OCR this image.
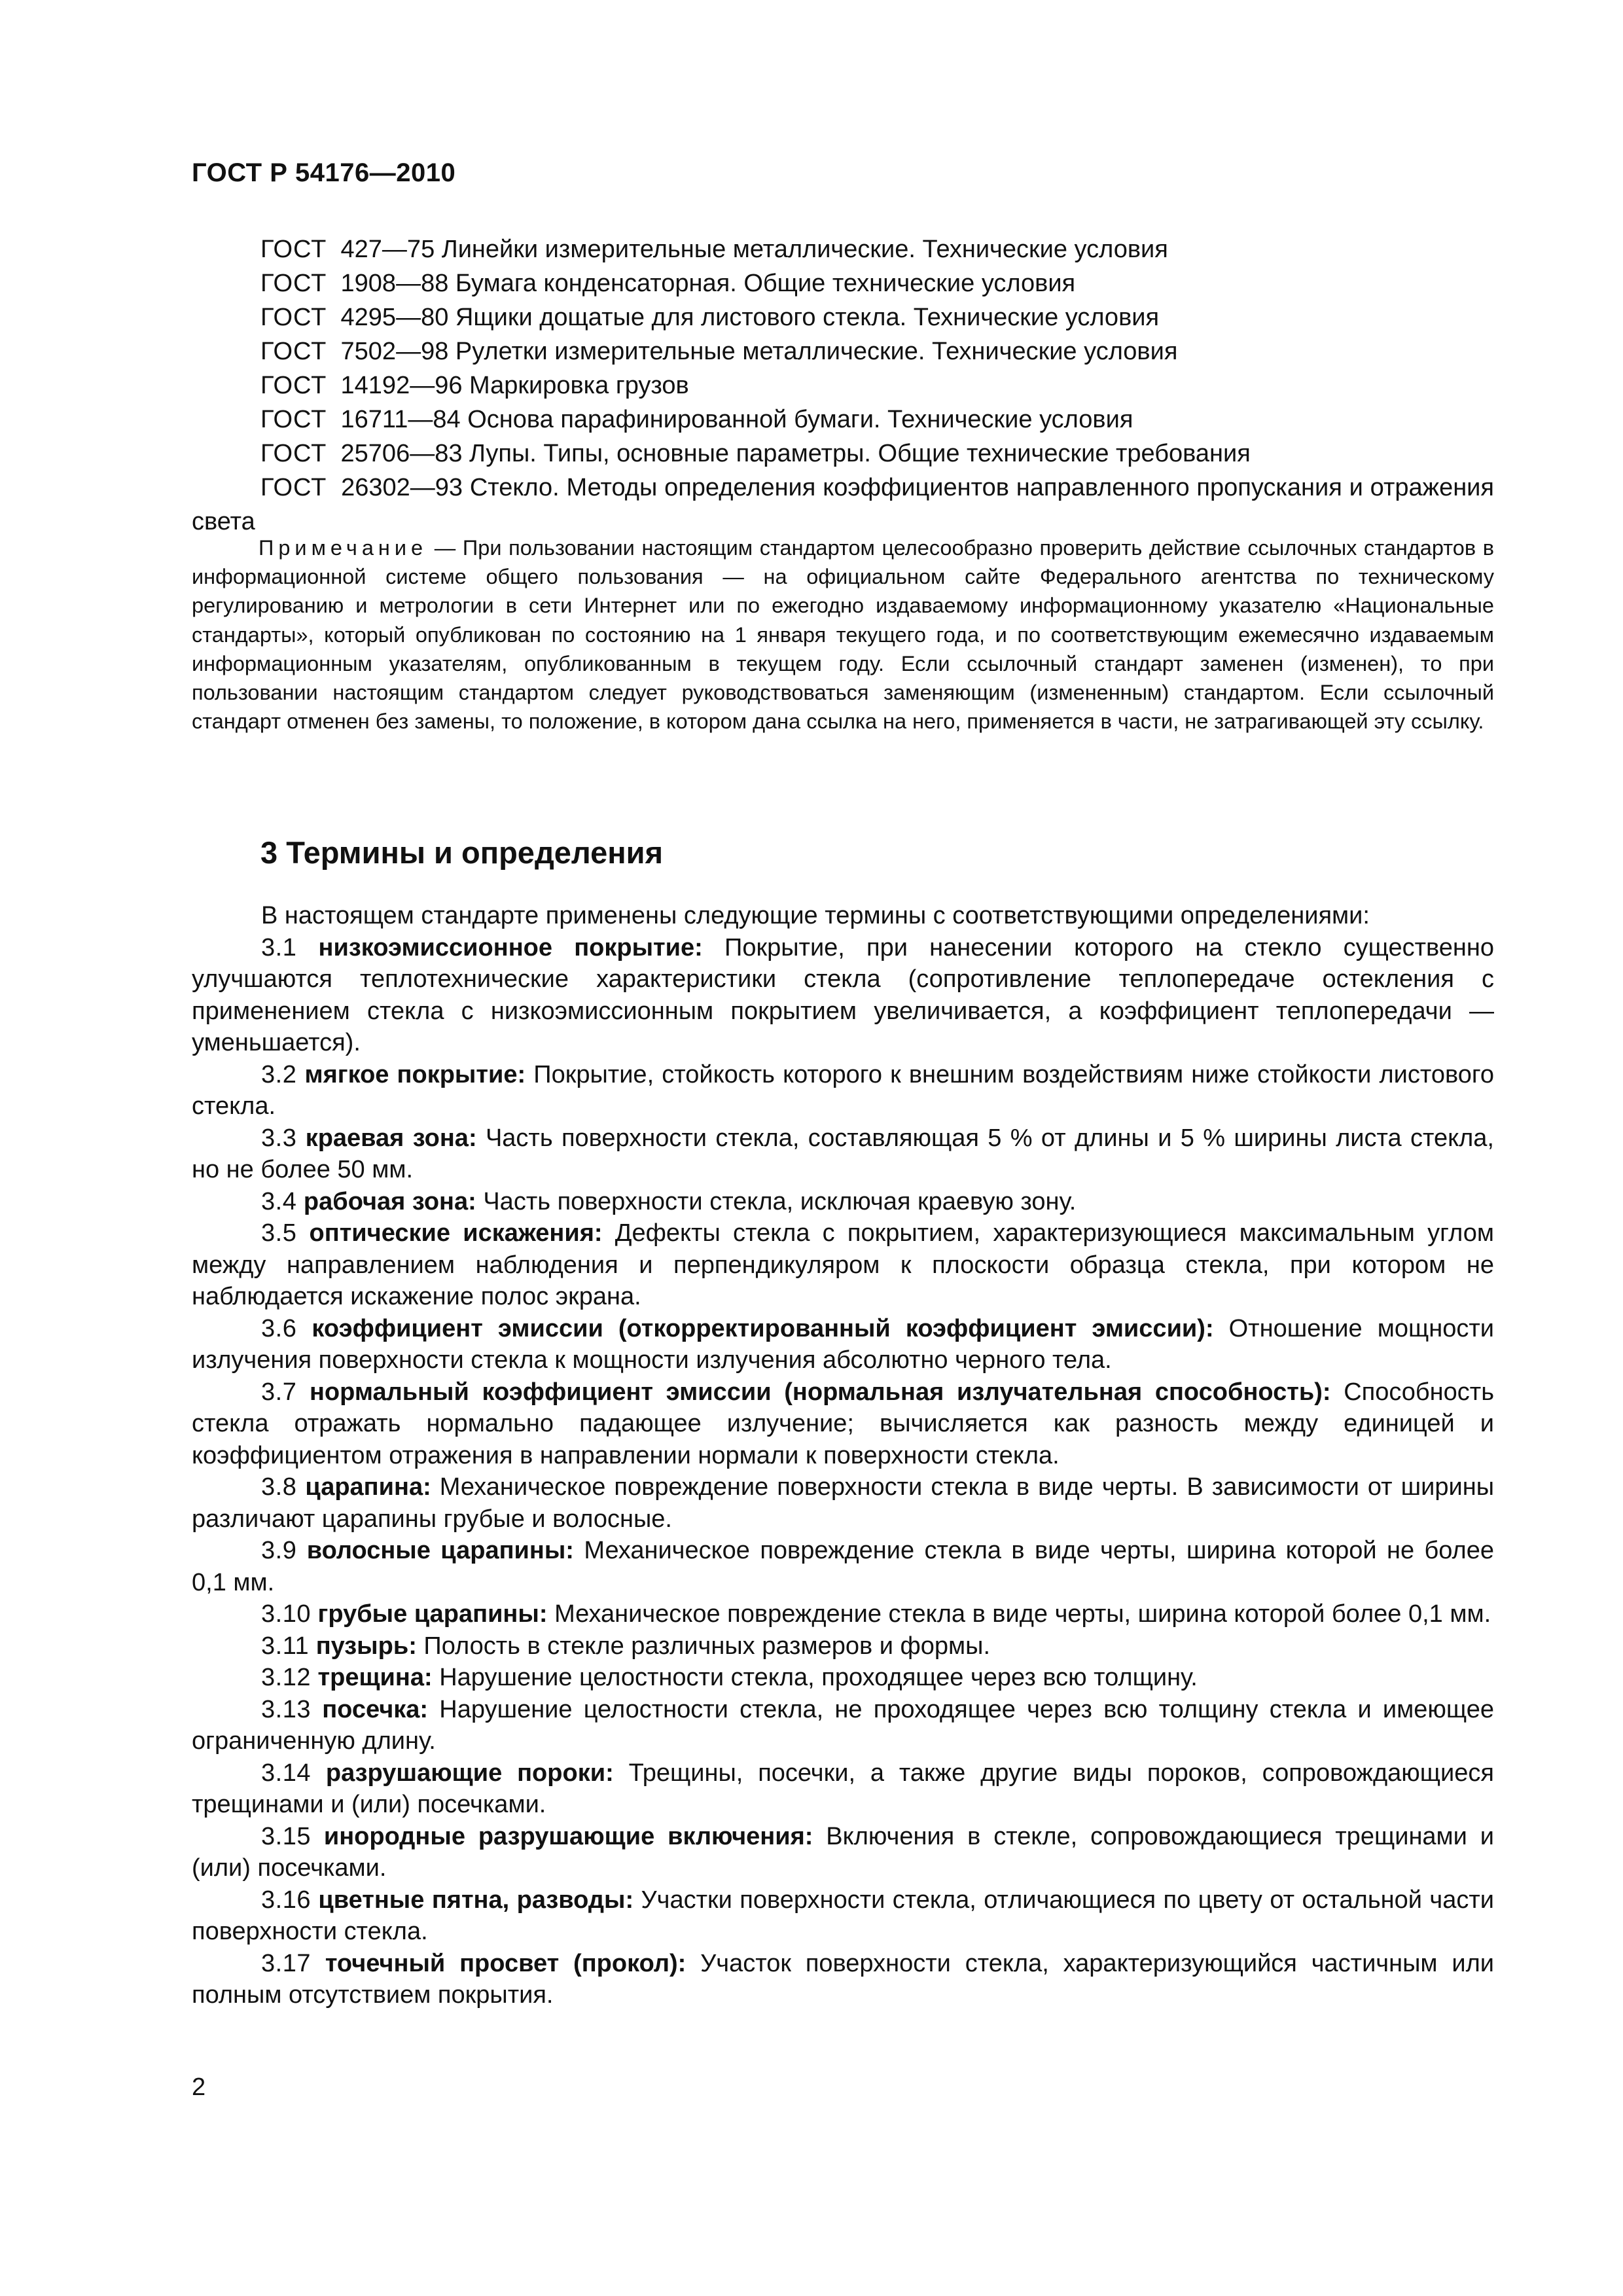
ГОСТ Р 54176—2010
ГОСТ 427—75 Линейки измерительные металлические. Технические условия
ГОСТ 1908—88 Бумага конденсаторная. Общие технические условия
ГОСТ 4295—80 Ящики дощатые для листового стекла. Технические условия
ГОСТ 7502—98 Рулетки измерительные металлические. Технические условия
ГОСТ 14192—96 Маркировка грузов
ГОСТ 16711—84 Основа парафинированной бумаги. Технические условия
ГОСТ 25706—83 Лупы. Типы, основные параметры. Общие технические требования
ГОСТ 26302—93 Стекло. Методы определения коэффициентов направленного пропускания и отражения света
Примечание — При пользовании настоящим стандартом целесообразно проверить действие ссылочных стандартов в информационной системе общего пользования — на официальном сайте Федерального агентства по техническому регулированию и метрологии в сети Интернет или по ежегодно издаваемому информационному указателю «Национальные стандарты», который опубликован по состоянию на 1 января текущего года, и по соответствующим ежемесячно издаваемым информационным указателям, опубликованным в текущем году. Если ссылочный стандарт заменен (изменен), то при пользовании настоящим стандартом следует руководствоваться заменяющим (измененным) стандартом. Если ссылочный стандарт отменен без замены, то положение, в котором дана ссылка на него, применяется в части, не затрагивающей эту ссылку.
3 Термины и определения

В настоящем стандарте применены следующие термины с соответствующими определениями:

3.1 низкоэмиссионное покрытие: Покрытие, при нанесении которого на стекло существенно улучшаются теплотехнические характеристики стекла (сопротивление теплопередаче остекления с применением стекла с низкоэмиссионным покрытием увеличивается, а коэффициент теплопередачи — уменьшается).

3.2 мягкое покрытие: Покрытие, стойкость которого к внешним воздействиям ниже стойкости листового стекла.

3.3 краевая зона: Часть поверхности стекла, составляющая 5 % от длины и 5 % ширины листа стекла, но не более 50 мм.

3.4 рабочая зона: Часть поверхности стекла, исключая краевую зону.

3.5 оптические искажения: Дефекты стекла с покрытием, характеризующиеся максимальным углом между направлением наблюдения и перпендикуляром к плоскости образца стекла, при котором не наблюдается искажение полос экрана.

3.6 коэффициент эмиссии (откорректированный коэффициент эмиссии): Отношение мощности излучения поверхности стекла к мощности излучения абсолютно черного тела.

3.7 нормальный коэффициент эмиссии (нормальная излучательная способность): Способность стекла отражать нормально падающее излучение; вычисляется как разность между единицей и коэффициентом отражения в направлении нормали к поверхности стекла.

3.8 царапина: Механическое повреждение поверхности стекла в виде черты. В зависимости от ширины различают царапины грубые и волосные.

3.9 волосные царапины: Механическое повреждение стекла в виде черты, ширина которой не более 0,1 мм.

3.10 грубые царапины: Механическое повреждение стекла в виде черты, ширина которой более 0,1 мм.

3.11 пузырь: Полость в стекле различных размеров и формы.

3.12 трещина: Нарушение целостности стекла, проходящее через всю толщину.

3.13 посечка: Нарушение целостности стекла, не проходящее через всю толщину стекла и имеющее ограниченную длину.

3.14 разрушающие пороки: Трещины, посечки, а также другие виды пороков, сопровождающиеся трещинами и (или) посечками.

3.15 инородные разрушающие включения: Включения в стекле, сопровождающиеся трещинами и (или) посечками.

3.16 цветные пятна, разводы: Участки поверхности стекла, отличающиеся по цвету от остальной части поверхности стекла.

3.17 точечный просвет (прокол): Участок поверхности стекла, характеризующийся частичным или полным отсутствием покрытия.

2
